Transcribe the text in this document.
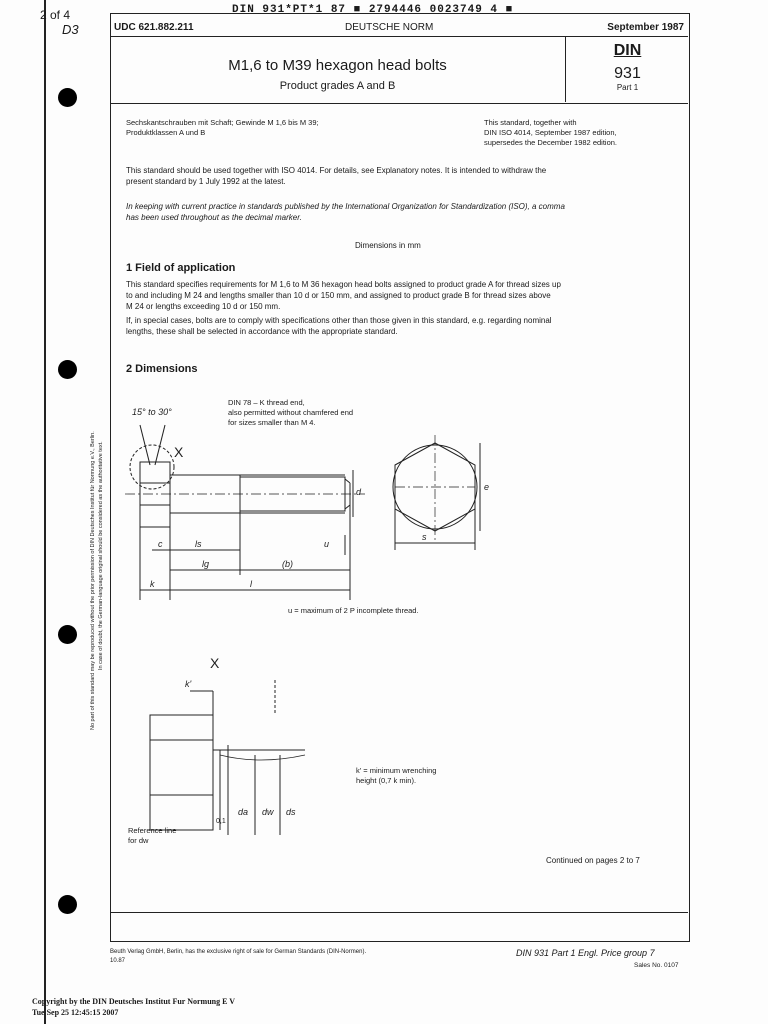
2 of 4
D3
DIN 931*PT*1 87 ■ 2794446 0023749 4 ■
UDC 621.882.211	DEUTSCHE NORM	September 1987
M1,6 to M39 hexagon head bolts
Product grades A and B
DIN
931
Part 1
Sechskantschrauben mit Schaft; Gewinde M 1,6 bis M 39;
Produktklassen A und B
This standard, together with
DIN ISO 4014, September 1987 edition,
supersedes the December 1982 edition.
This standard should be used together with ISO 4014. For details, see Explanatory notes. It is intended to withdraw the
present standard by 1 July 1992 at the latest.
In keeping with current practice in standards published by the International Organization for Standardization (ISO), a comma
has been used throughout as the decimal marker.
Dimensions in mm
1 Field of application
This standard specifies requirements for M 1,6 to M 36 hexagon head bolts assigned to product grade A for thread sizes up
to and including M 24 and lengths smaller than 10 d or 150 mm, and assigned to product grade B for thread sizes above
M 24 or lengths exceeding 10 d or 150 mm.
If, in special cases, bolts are to comply with specifications other than those given in this standard, e.g. regarding nominal
lengths, these shall be selected in accordance with the appropriate standard.
2 Dimensions
DIN 78 – K thread end,
also permitted without chamfered end
for sizes smaller than M 4.
15° to 30°
X
c	ls
lg	(b)
l
k
u
d	e
s
X
k'
0,1
da dw ds
u = maximum of 2 P incomplete thread.
k' = minimum wrenching
height (0,7 k min).
Reference line
for dw
Continued on pages 2 to 7
No part of this standard may be reproduced without the prior permission of DIN Deutsches Institut für Normung e.V., Berlin. In case of doubt, the German-language original should be considered as the authoritative text.
Beuth Verlag GmbH, Berlin, has the exclusive right of sale for German Standards (DIN-Normen).
10.87
DIN 931 Part 1 Engl. Price group 7
Sales No. 0107
Copyright by the DIN Deutsches Institut Fur Normung E V
Tue Sep 25 12:45:15 2007
